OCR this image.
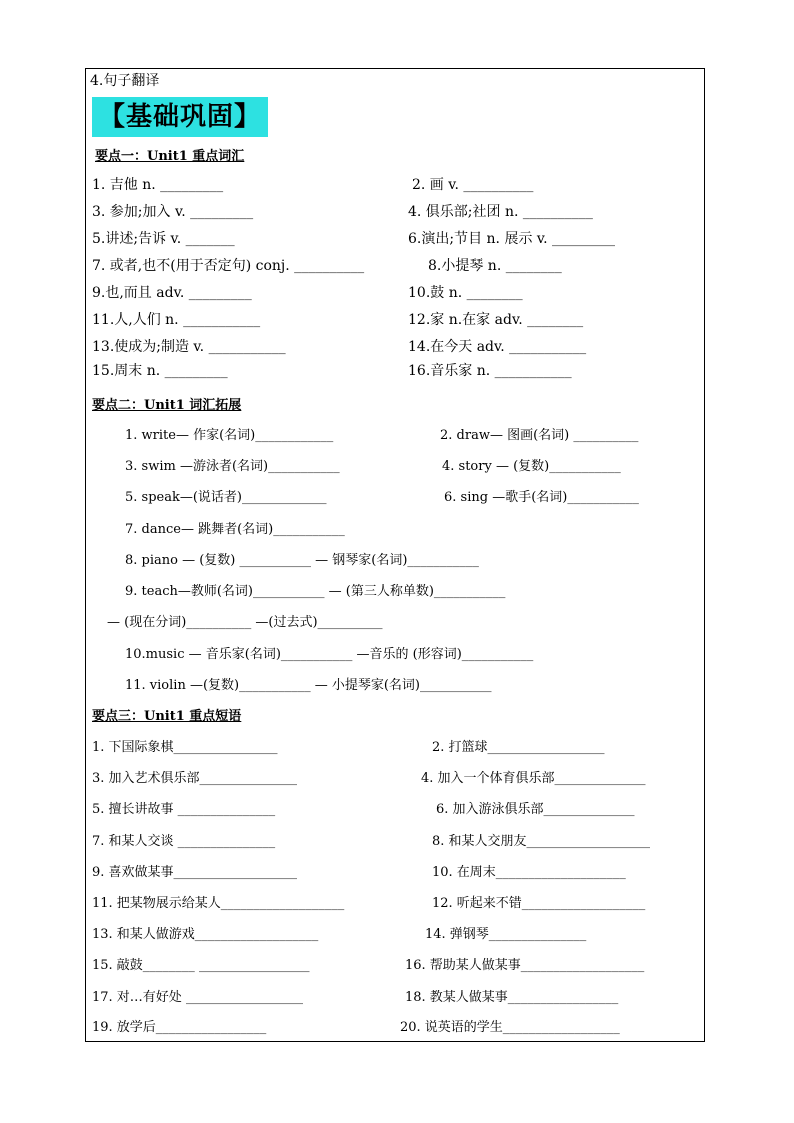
4.句子翻译
【基础巩固】
要点一：Unit1 重点词汇
1. 吉他 n. _________	2. 画 v. __________
3. 参加;加入 v. _________	4. 俱乐部;社团 n. __________
5.讲述;告诉 v. _______	6.演出;节目 n. 展示 v. _________
7. 或者,也不(用于否定句) conj. __________	8.小提琴 n. ________
9.也,而且 adv. _________	10.鼓 n. ________
11.人,人们 n. ___________	12.家 n.在家 adv. ________
13.使成为;制造 v. ___________	14.在今天 adv. ___________
15.周末 n. _________	16.音乐家 n. ___________
要点二：Unit1 词汇拓展
1. write— 作家(名词)____________	2. draw— 图画(名词) __________
3. swim —游泳者(名词)___________	4. story — (复数)___________
5. speak—(说话者)_____________	6. sing —歌手(名词)___________
7. dance— 跳舞者(名词)___________
8. piano — (复数) ___________ — 钢琴家(名词)___________
9. teach—教师(名词)___________ — (第三人称单数)___________
— (现在分词)__________ —(过去式)__________
10.music — 音乐家(名词)___________ —音乐的 (形容词)___________
11. violin —(复数)___________ — 小提琴家(名词)___________
要点三：Unit1 重点短语
1. 下国际象棋________________	2. 打篮球__________________
3. 加入艺术俱乐部_______________	4. 加入一个体育俱乐部______________
5. 擅长讲故事 _______________	6. 加入游泳俱乐部______________
7. 和某人交谈 _______________	8. 和某人交朋友___________________
9. 喜欢做某事___________________	10. 在周末____________________
11. 把某物展示给某人___________________	12. 听起来不错___________________
13. 和某人做游戏___________________	14. 弹钢琴_______________
15. 敲鼓________ _________________	16. 帮助某人做某事___________________
17. 对…有好处 __________________	18. 教某人做某事_________________
19. 放学后_________________	20. 说英语的学生__________________
